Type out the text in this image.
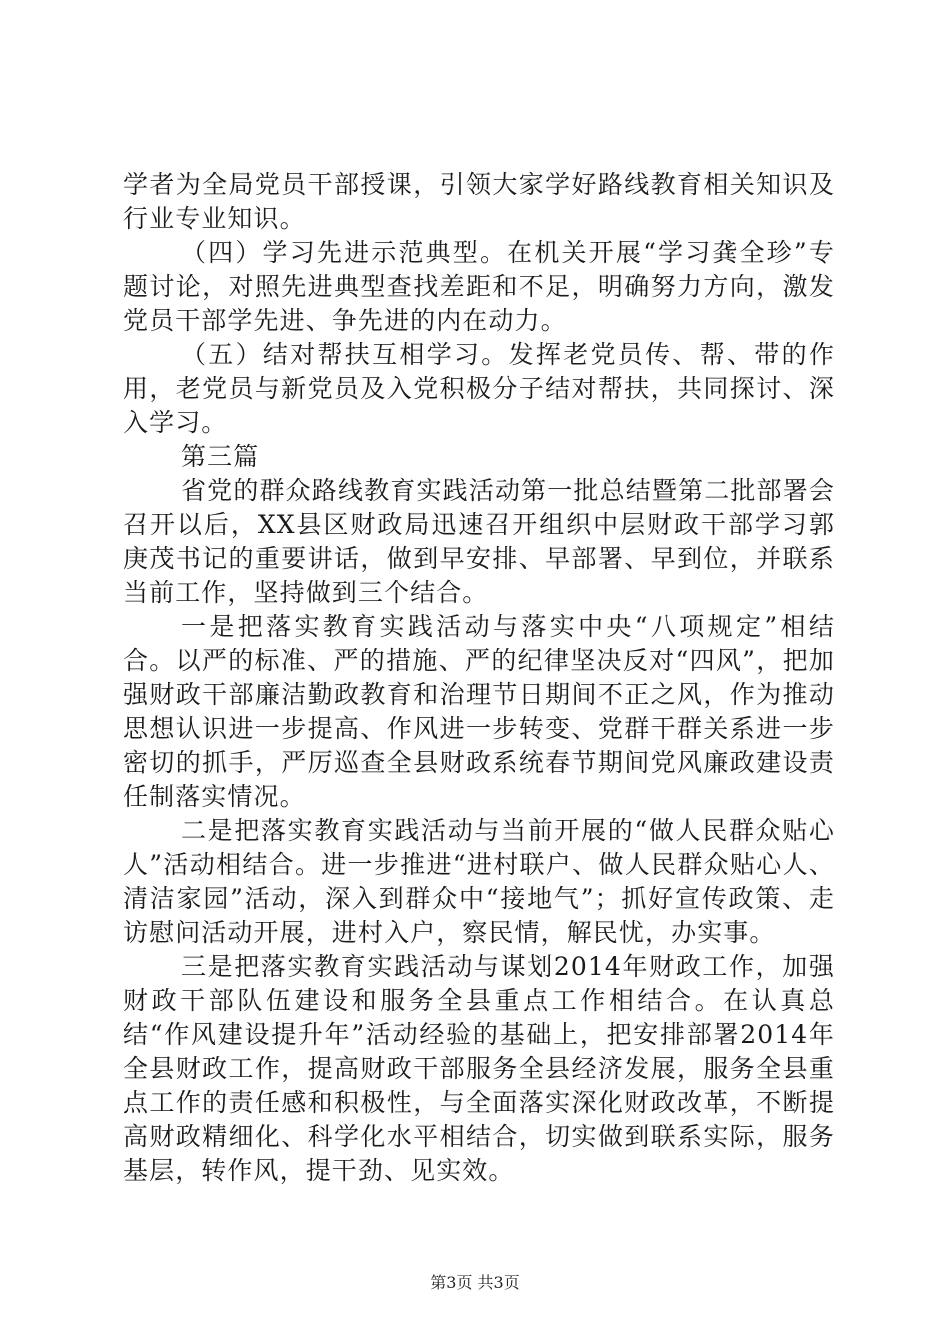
学者为全局党员干部授课，引领大家学好路线教育相关知识及行业专业知识。

（四）学习先进示范典型。在机关开展“学习龚全珍”专题讨论，对照先进典型查找差距和不足，明确努力方向，激发党员干部学先进、争先进的内在动力。

（五）结对帮扶互相学习。发挥老党员传、帮、带的作用，老党员与新党员及入党积极分子结对帮扶，共同探讨、深入学习。

第三篇

省党的群众路线教育实践活动第一批总结暨第二批部署会召开以后，XX县区财政局迅速召开组织中层财政干部学习郭庚茂书记的重要讲话，做到早安排、早部署、早到位，并联系当前工作，坚持做到三个结合。

一是把落实教育实践活动与落实中央“八项规定”相结合。以严的标准、严的措施、严的纪律坚决反对“四风”，把加强财政干部廉洁勤政教育和治理节日期间不正之风，作为推动思想认识进一步提高、作风进一步转变、党群干群关系进一步密切的抓手，严厉巡查全县财政系统春节期间党风廉政建设责任制落实情况。

二是把落实教育实践活动与当前开展的“做人民群众贴心人”活动相结合。进一步推进“进村联户、做人民群众贴心人、清洁家园”活动，深入到群众中“接地气”；抓好宣传政策、走访慰问活动开展，进村入户，察民情，解民忧，办实事。

三是把落实教育实践活动与谋划2014年财政工作，加强财政干部队伍建设和服务全县重点工作相结合。在认真总结“作风建设提升年”活动经验的基础上，把安排部署2014年全县财政工作，提高财政干部服务全县经济发展，服务全县重点工作的责任感和积极性，与全面落实深化财政改革，不断提高财政精细化、科学化水平相结合，切实做到联系实际，服务基层，转作风，提干劲、见实效。

第3页 共3页
